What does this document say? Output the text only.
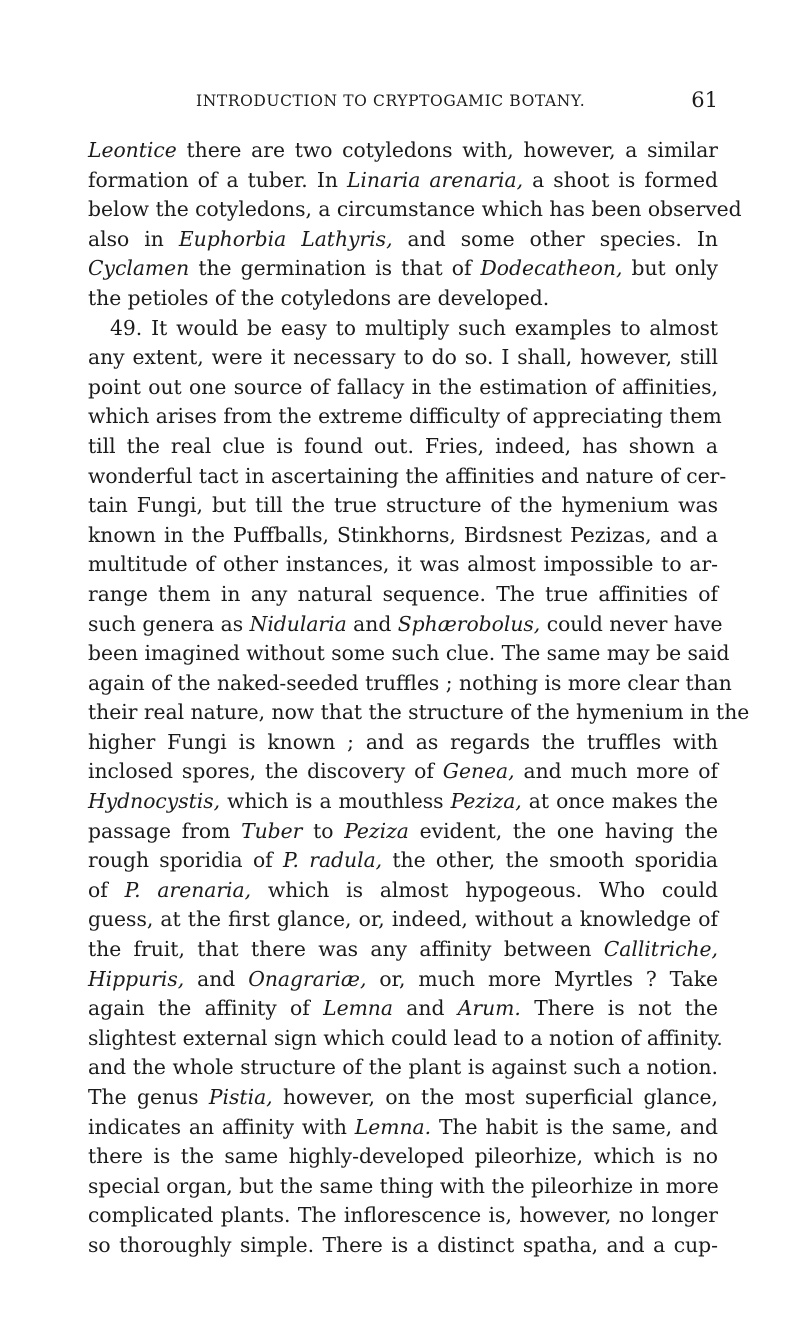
INTRODUCTION TO CRYPTOGAMIC BOTANY.	61
Leontice there are two cotyledons with, however, a similar
formation of a tuber. In Linaria arenaria, a shoot is formed
below the cotyledons, a circumstance which has been observed
also in Euphorbia Lathyris, and some other species. In
Cyclamen the germination is that of Dodecatheon, but only
the petioles of the cotyledons are developed.
49. It would be easy to multiply such examples to almost
any extent, were it necessary to do so. I shall, however, still
point out one source of fallacy in the estimation of affinities,
which arises from the extreme difficulty of appreciating them
till the real clue is found out. Fries, indeed, has shown a
wonderful tact in ascertaining the affinities and nature of cer-
tain Fungi, but till the true structure of the hymenium was
known in the Puffballs, Stinkhorns, Birdsnest Pezizas, and a
multitude of other instances, it was almost impossible to ar-
range them in any natural sequence. The true affinities of
such genera as Nidularia and Sphærobolus, could never have
been imagined without some such clue. The same may be said
again of the naked-seeded truffles ; nothing is more clear than
their real nature, now that the structure of the hymenium in the
higher Fungi is known ; and as regards the truffles with
inclosed spores, the discovery of Genea, and much more of
Hydnocystis, which is a mouthless Peziza, at once makes the
passage from Tuber to Peziza evident, the one having the
rough sporidia of P. radula, the other, the smooth sporidia
of P. arenaria, which is almost hypogeous. Who could
guess, at the first glance, or, indeed, without a knowledge of
the fruit, that there was any affinity between Callitriche,
Hippuris, and Onagrariæ, or, much more Myrtles ? Take
again the affinity of Lemna and Arum. There is not the
slightest external sign which could lead to a notion of affinity.
and the whole structure of the plant is against such a notion.
The genus Pistia, however, on the most superficial glance,
indicates an affinity with Lemna. The habit is the same, and
there is the same highly-developed pileorhize, which is no
special organ, but the same thing with the pileorhize in more
complicated plants. The inflorescence is, however, no longer
so thoroughly simple. There is a distinct spatha, and a cup-
